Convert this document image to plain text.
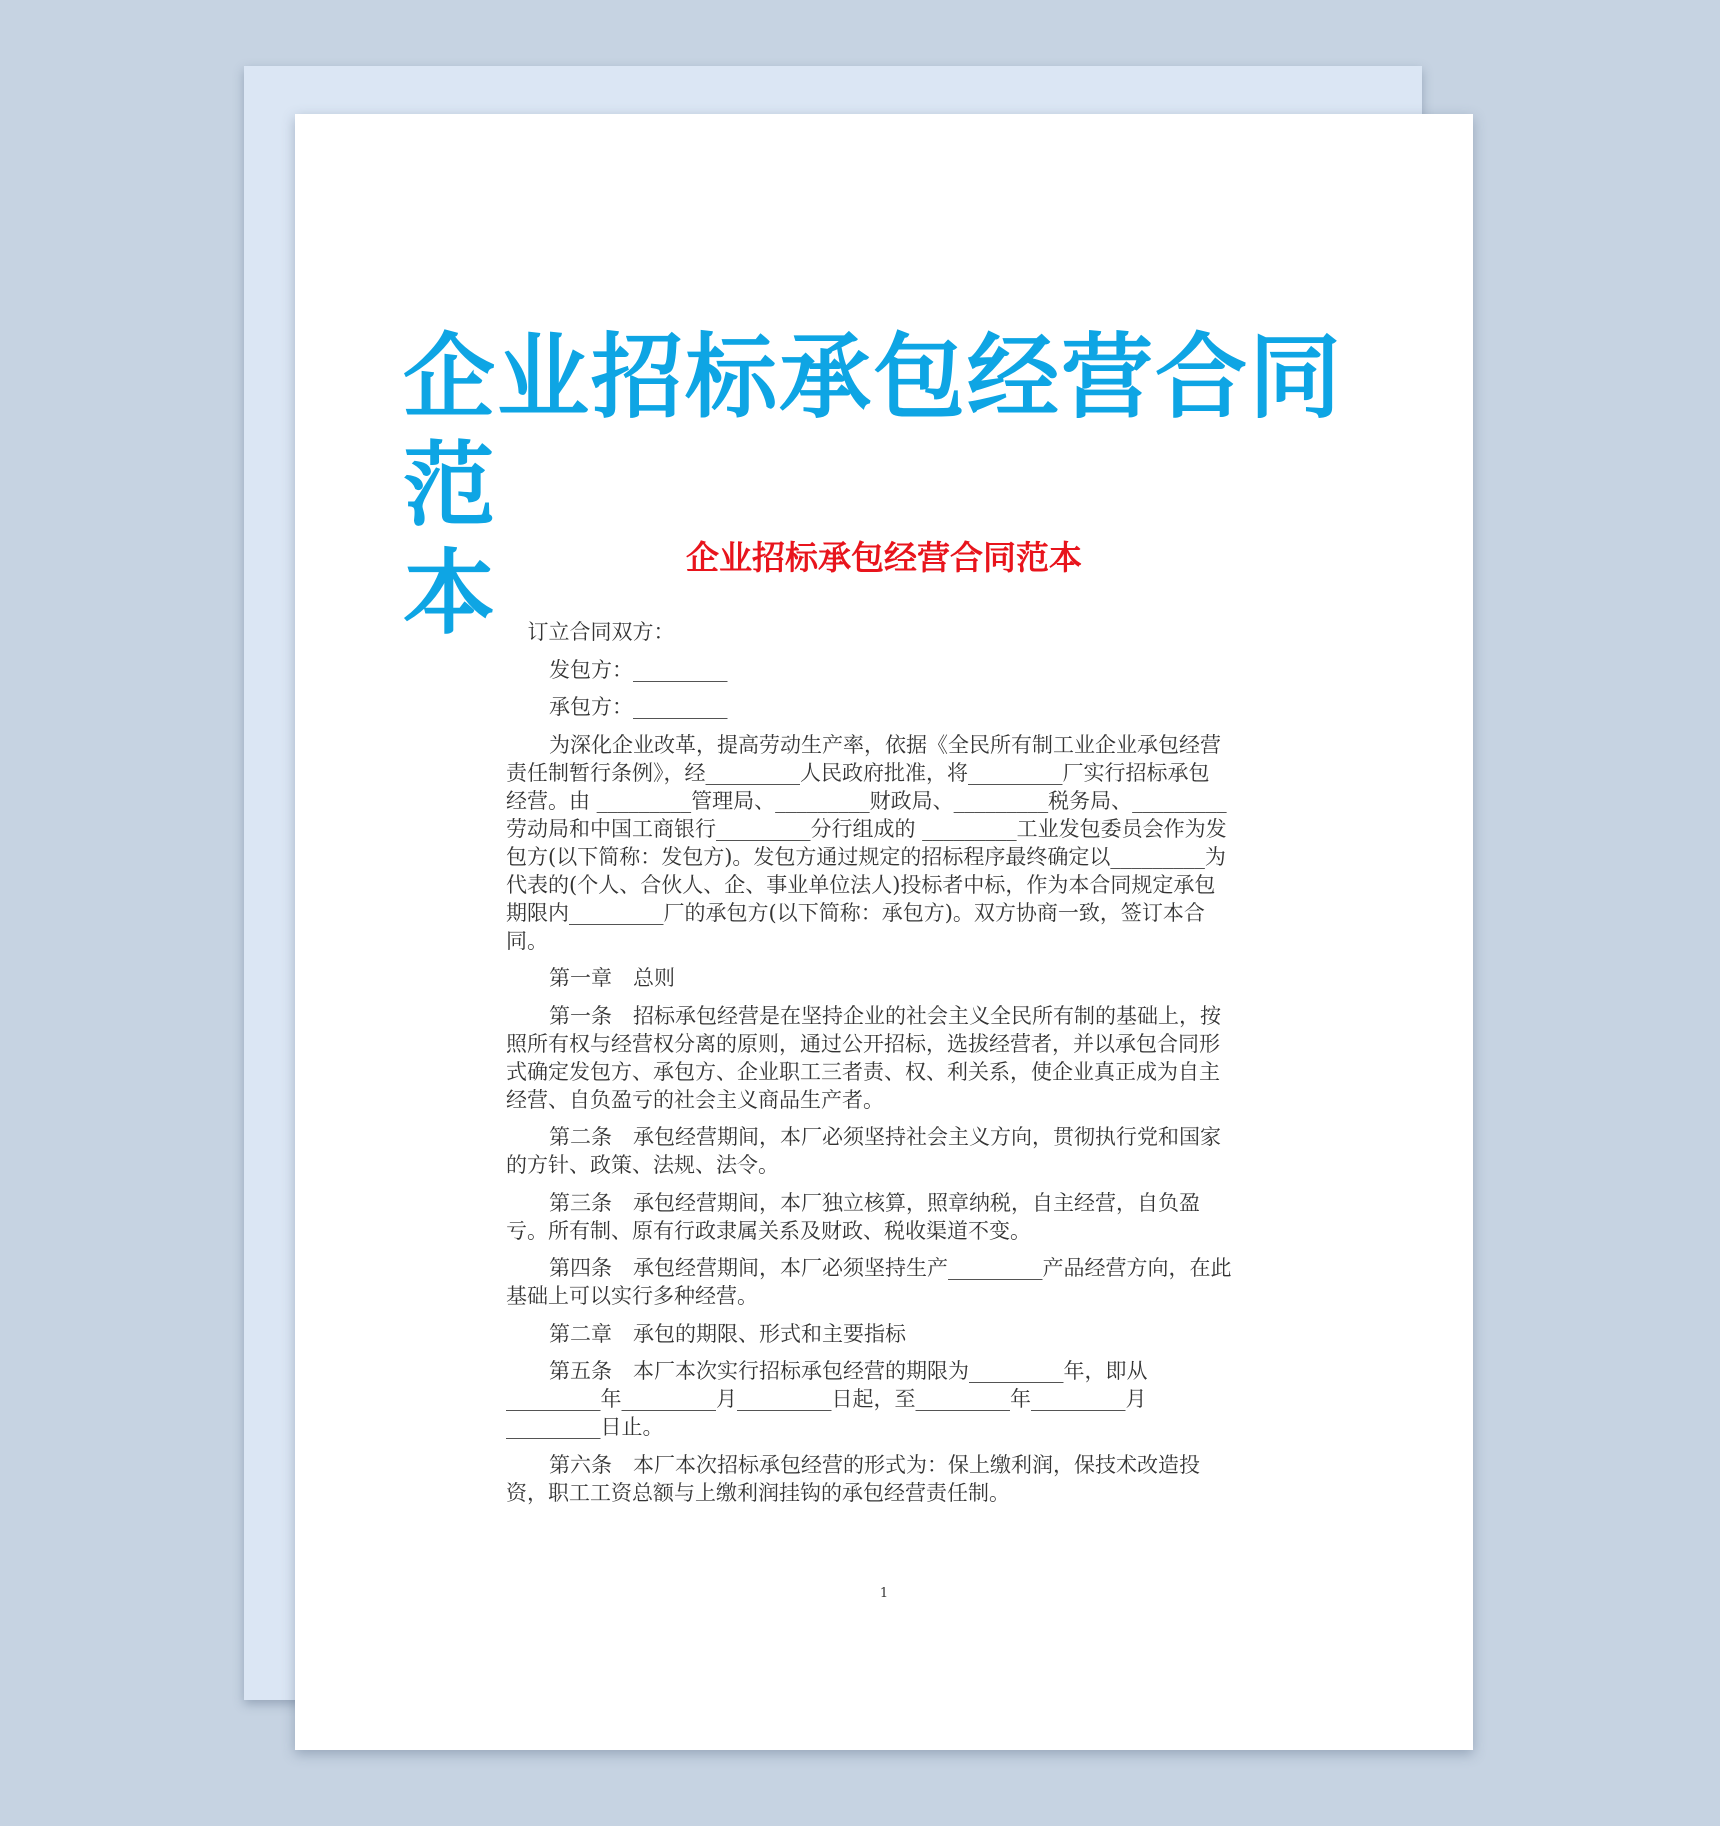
企业招标承包经营合同范
本	企业招标承包经营合同范本
订立合同双方：
发包方：_________
承包方：_________
为深化企业改革，提高劳动生产率，依据《全民所有制工业企业承包经营
责任制暂行条例》，经_________人民政府批准，将_________厂实行招标承包
经营。由 _________管理局、_________财政局、_________税务局、_________
劳动局和中国工商银行_________分行组成的 _________工业发包委员会作为发
包方(以下简称：发包方)。发包方通过规定的招标程序最终确定以_________为
代表的(个人、合伙人、企、事业单位法人)投标者中标，作为本合同规定承包
期限内_________厂的承包方(以下简称：承包方)。双方协商一致，签订本合
同。
第一章　总则
第一条　招标承包经营是在坚持企业的社会主义全民所有制的基础上，按
照所有权与经营权分离的原则，通过公开招标，选拔经营者，并以承包合同形
式确定发包方、承包方、企业职工三者责、权、利关系，使企业真正成为自主
经营、自负盈亏的社会主义商品生产者。
第二条　承包经营期间，本厂必须坚持社会主义方向，贯彻执行党和国家
的方针、政策、法规、法令。
第三条　承包经营期间，本厂独立核算，照章纳税，自主经营，自负盈
亏。所有制、原有行政隶属关系及财政、税收渠道不变。
第四条　承包经营期间，本厂必须坚持生产_________产品经营方向，在此
基础上可以实行多种经营。
第二章　承包的期限、形式和主要指标
第五条　本厂本次实行招标承包经营的期限为_________年，即从
_________年_________月_________日起，至_________年_________月
_________日止。
第六条　本厂本次招标承包经营的形式为：保上缴利润，保技术改造投
资，职工工资总额与上缴利润挂钩的承包经营责任制。
1
